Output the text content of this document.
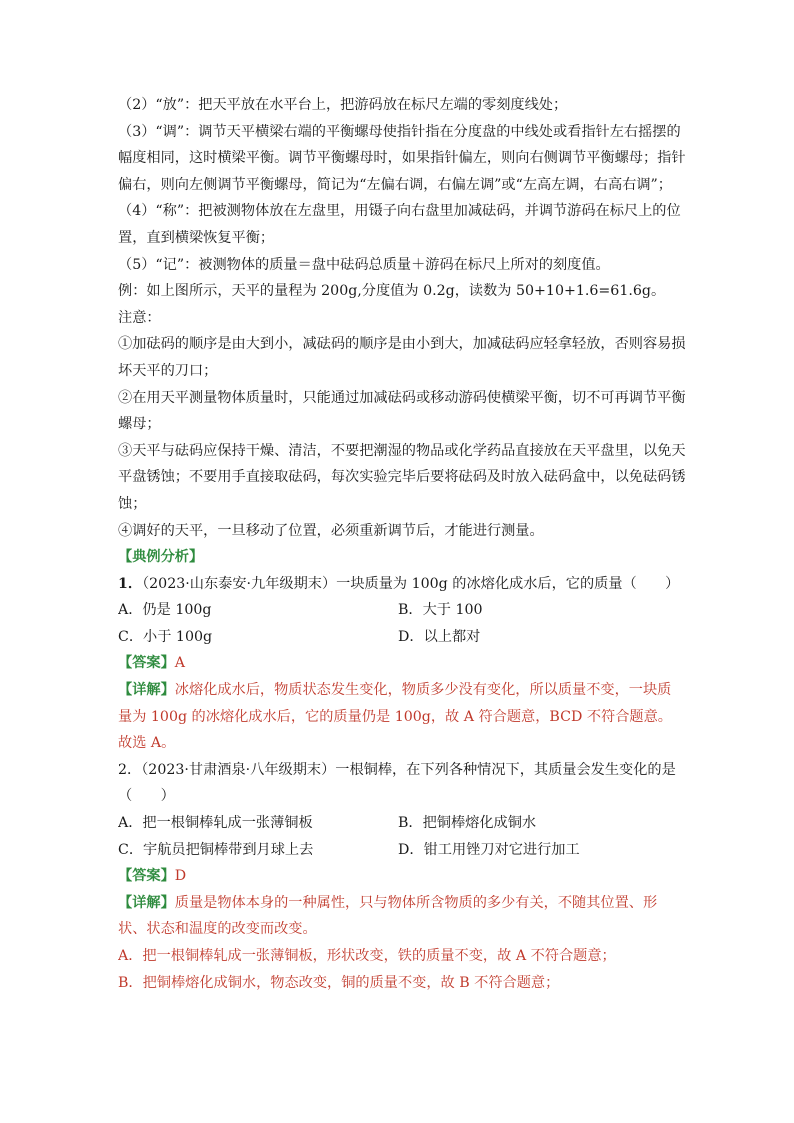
（2）“放”：把天平放在水平台上，把游码放在标尺左端的零刻度线处；
（3）“调”：调节天平横梁右端的平衡螺母使指针指在分度盘的中线处或看指针左右摇摆的
幅度相同，这时横梁平衡。调节平衡螺母时，如果指针偏左，则向右侧调节平衡螺母；指针
偏右，则向左侧调节平衡螺母，简记为“左偏右调，右偏左调”或“左高左调，右高右调”；
（4）“称”：把被测物体放在左盘里，用镊子向右盘里加减砝码，并调节游码在标尺上的位
置，直到横梁恢复平衡；
（5）“记”：被测物体的质量＝盘中砝码总质量＋游码在标尺上所对的刻度值。
例：如上图所示，天平的量程为 200g,分度值为 0.2g，读数为 50+10+1.6=61.6g。
注意：
①加砝码的顺序是由大到小，减砝码的顺序是由小到大，加减砝码应轻拿轻放，否则容易损
坏天平的刀口；
②在用天平测量物体质量时，只能通过加减砝码或移动游码使横梁平衡，切不可再调节平衡
螺母；
③天平与砝码应保持干燥、清洁，不要把潮湿的物品或化学药品直接放在天平盘里，以免天
平盘锈蚀；不要用手直接取砝码，每次实验完毕后要将砝码及时放入砝码盒中，以免砝码锈
蚀；
④调好的天平，一旦移动了位置，必须重新调节后，才能进行测量。
【典例分析】
1．（2023·山东泰安·九年级期末）一块质量为 100g 的冰熔化成水后，它的质量（　　）
A．仍是 100g	B．大于 100
C．小于 100g	D．以上都对
【答案】A
【详解】冰熔化成水后，物质状态发生变化，物质多少没有变化，所以质量不变，一块质
量为 100g 的冰熔化成水后，它的质量仍是 100g，故 A 符合题意，BCD 不符合题意。
故选 A。
2．（2023·甘肃酒泉·八年级期末）一根铜棒，在下列各种情况下，其质量会发生变化的是
（　　）
A．把一根铜棒轧成一张薄铜板	B．把铜棒熔化成铜水
C．宇航员把铜棒带到月球上去	D．钳工用锉刀对它进行加工
【答案】D
【详解】质量是物体本身的一种属性，只与物体所含物质的多少有关，不随其位置、形
状、状态和温度的改变而改变。
A．把一根铜棒轧成一张薄铜板，形状改变，铁的质量不变，故 A 不符合题意；
B．把铜棒熔化成铜水，物态改变，铜的质量不变，故 B 不符合题意；
